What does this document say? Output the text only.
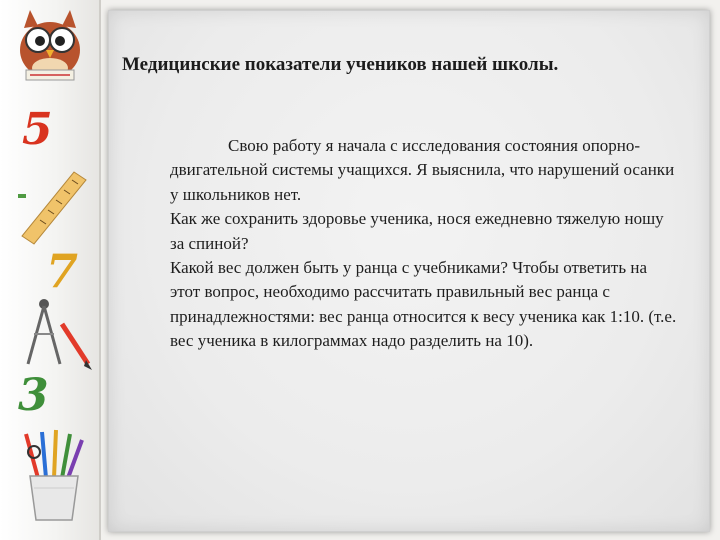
5
7
3
Медицинские показатели учеников нашей школы.

Свою работу я начала с исследования состояния опорно-двигательной системы учащихся. Я выяснила, что нарушений осанки у школьников нет.

Как же сохранить здоровье ученика, нося ежедневно тяжелую ношу за спиной?

Какой вес должен быть у ранца с учебниками? Чтобы ответить на этот вопрос, необходимо рассчитать правильный вес ранца с принадлежностями: вес ранца относится к весу ученика как 1:10. (т.е. вес ученика в килограммах надо разделить на 10).
